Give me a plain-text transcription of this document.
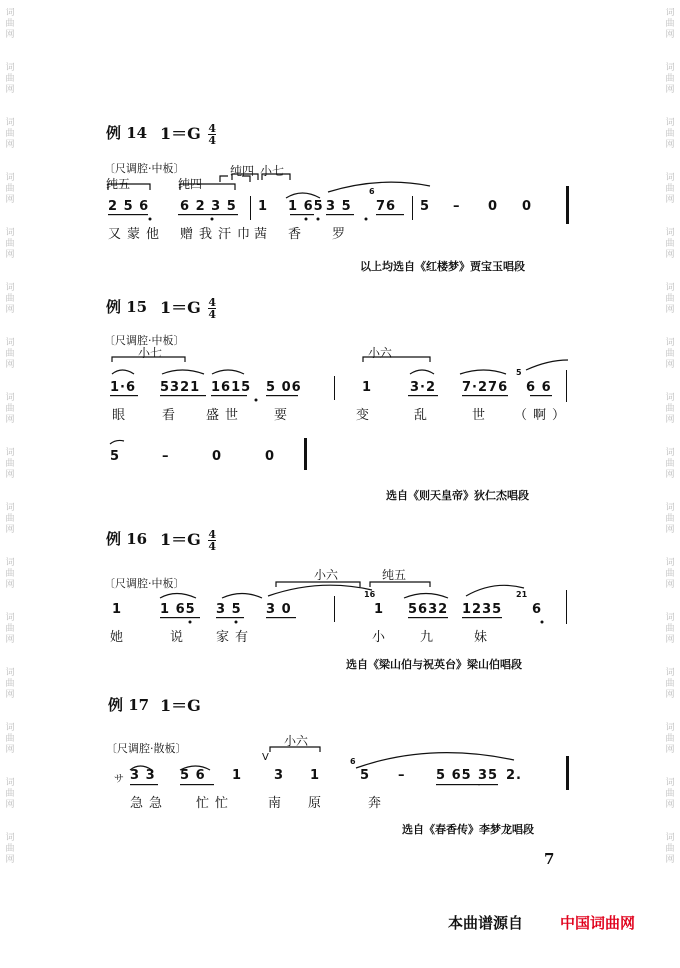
词
曲
网
词
曲
网
词
曲
网
词
曲
网
词
曲
网
词
曲
网
词
曲
网
词
曲
网
词
曲
网
词
曲
网
词
曲
网
词
曲
网
词
曲
网
词
曲
网
词
曲
网
词
曲
网
词
曲
网
词
曲
网
词
曲
网
词
曲
网
词
曲
网
词
曲
网
词
曲
网
词
曲
网
词
曲
网
词
曲
网
词
曲
网
词
曲
网
词
曲
网
词
曲
网
词
曲
网
词
曲
网
例 14 $1=G \frac{4}{4}$
〔尺调腔·中板〕
纯五	纯四
纯四 小七
2 5 6 6 2 3 5 1 1 65 3 5
6
76 5 – 0 0
又蒙他 赠我汗巾
茜 香 罗
以上均选自《红楼梦》贾宝玉唱段
例 15 $1=G \frac{4}{4}$
〔尺调腔·中板〕
小七	小六
1·6 5321 1615 5 06	1	3·2 7·276
5
6 6
眼 看 盛世 要	变	乱	世 （啊）
5	–	0	0
选自《则天皇帝》狄仁杰唱段
例 16 $1=G \frac{4}{4}$
〔尺调腔·中板〕
小六	纯五
1	1 65 3 5 3 0
16
1 5632 1235
21
6
她	说 家有	小 九	妹
选自《梁山伯与祝英台》梁山伯唱段
例 17 1＝G
〔尺调腔·散板〕
小六
サ 3 3 5 6 1
V
3 1
6
5 – 5 65 35 2.
急急 忙忙	南 原	奔
选自《春香传》李梦龙唱段
7
本曲谱源自 中国词曲网
